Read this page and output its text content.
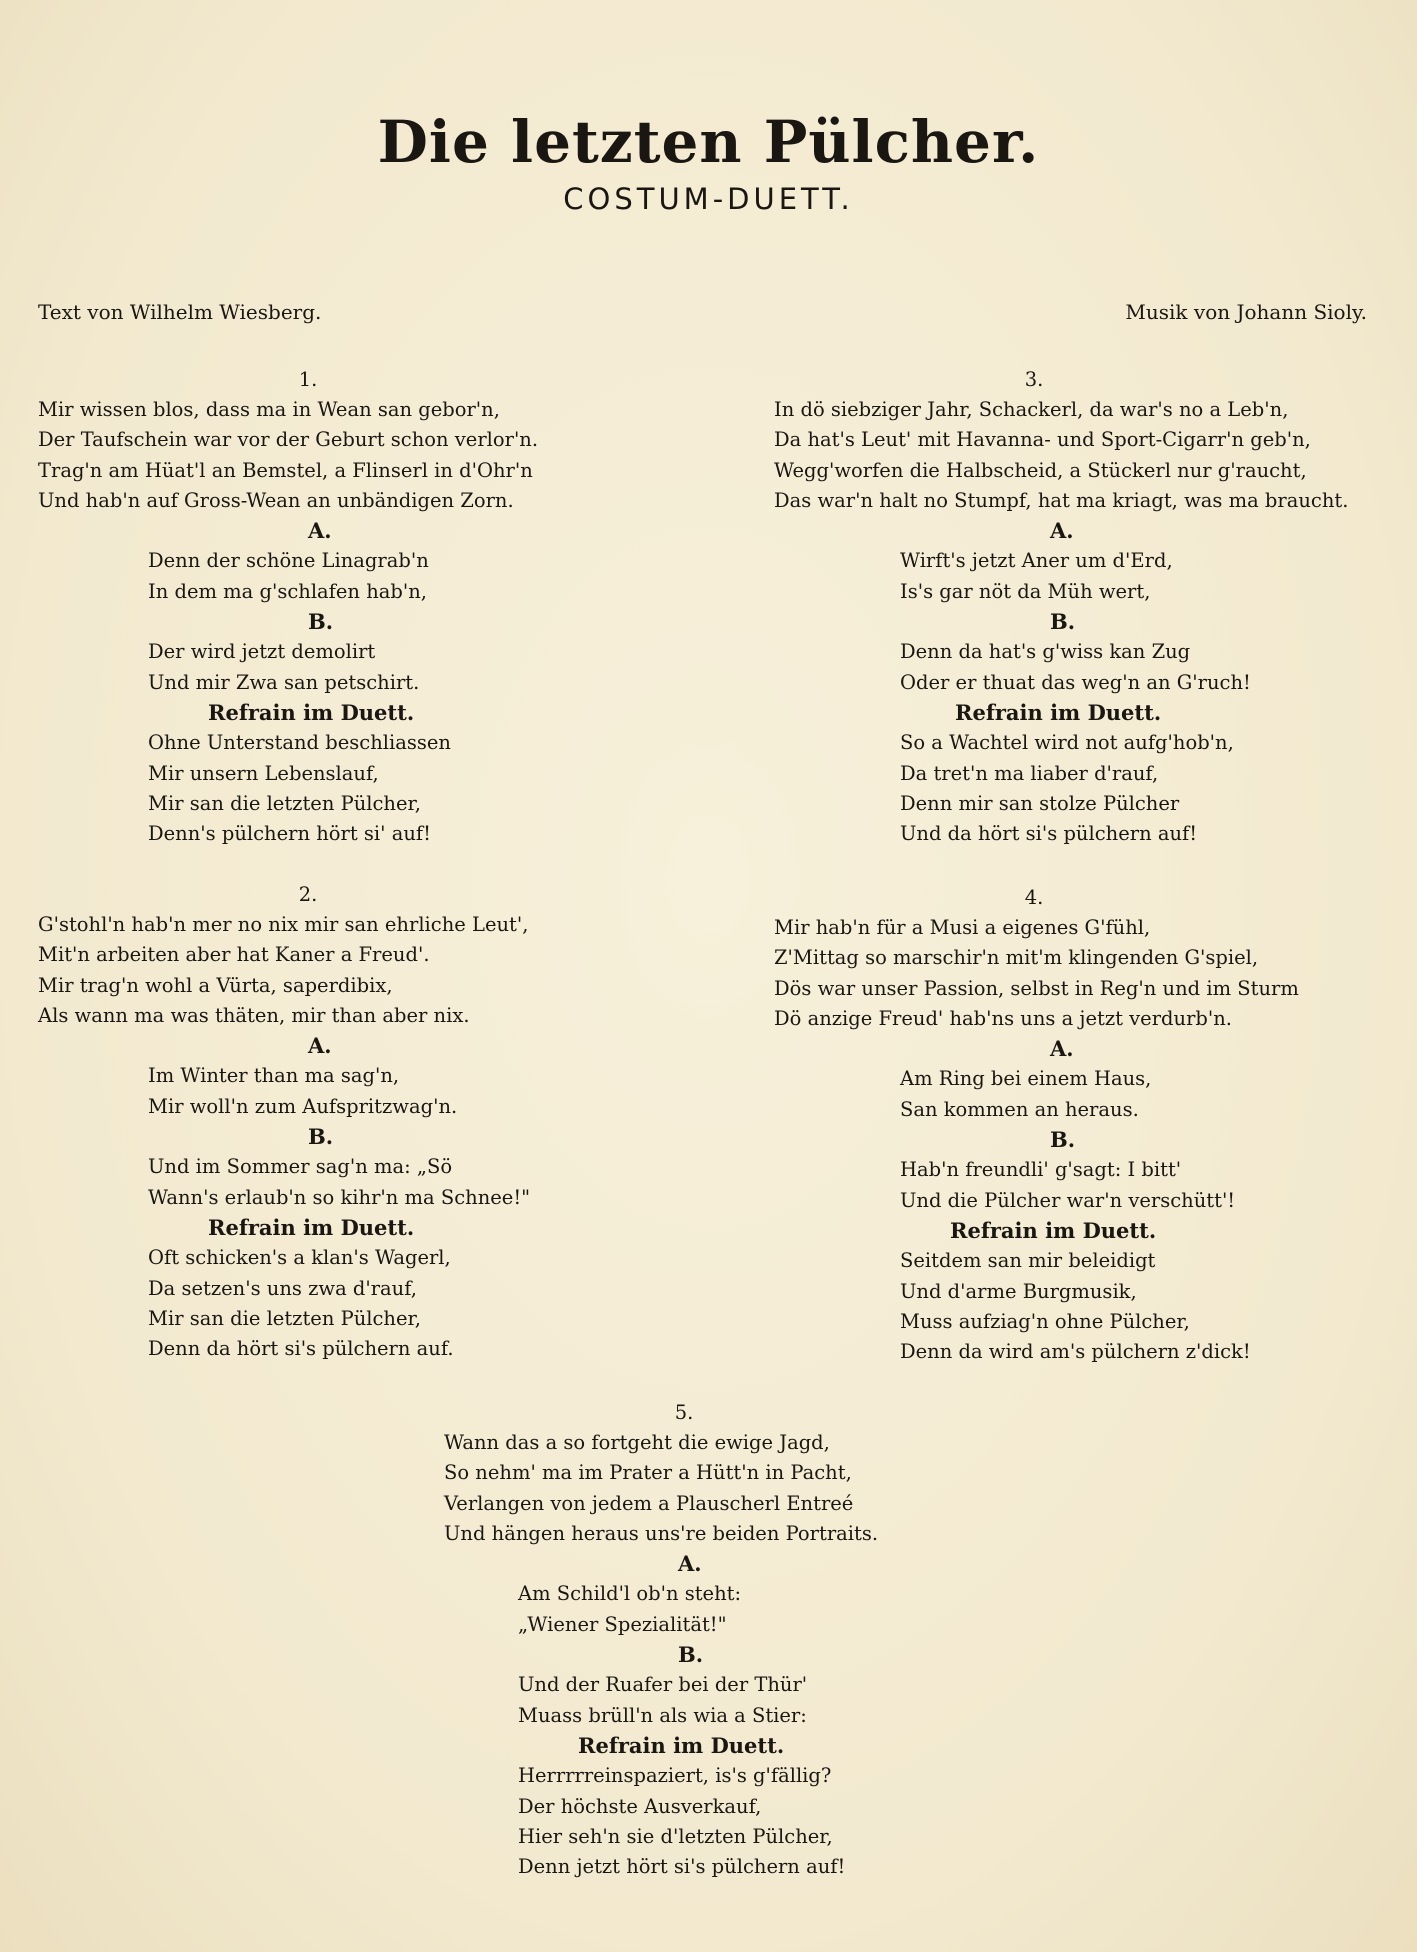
Die letzten Pülcher.
COSTUM-DUETT.
Text von Wilhelm Wiesberg.	Musik von Johann Sioly.
1.
Mir wissen blos, dass ma in Wean san gebor'n,
Der Taufschein war vor der Geburt schon verlor'n.
Trag'n am Hüat'l an Bemstel, a Flinserl in d'Ohr'n
Und hab'n auf Gross-Wean an unbändigen Zorn.
A.
Denn der schöne Linagrab'n
In dem ma g'schlafen hab'n,
B.
Der wird jetzt demolirt
Und mir Zwa san petschirt.
Refrain im Duett.
Ohne Unterstand beschliassen
Mir unsern Lebenslauf,
Mir san die letzten Pülcher,
Denn's pülchern hört si' auf!
2.
G'stohl'n hab'n mer no nix mir san ehrliche Leut',
Mit'n arbeiten aber hat Kaner a Freud'.
Mir trag'n wohl a Vürta, saperdibix,
Als wann ma was thäten, mir than aber nix.
A.
Im Winter than ma sag'n,
Mir woll'n zum Aufspritzwag'n.
B.
Und im Sommer sag'n ma: „Sö
Wann's erlaub'n so kihr'n ma Schnee!"
Refrain im Duett.
Oft schicken's a klan's Wagerl,
Da setzen's uns zwa d'rauf,
Mir san die letzten Pülcher,
Denn da hört si's pülchern auf.
3.
In dö siebziger Jahr, Schackerl, da war's no a Leb'n,
Da hat's Leut' mit Havanna- und Sport-Cigarr'n geb'n,
Wegg'worfen die Halbscheid, a Stückerl nur g'raucht,
Das war'n halt no Stumpf, hat ma kriagt, was ma braucht.
A.
Wirft's jetzt Aner um d'Erd,
Is's gar nöt da Müh wert,
B.
Denn da hat's g'wiss kan Zug
Oder er thuat das weg'n an G'ruch!
Refrain im Duett.
So a Wachtel wird not aufg'hob'n,
Da tret'n ma liaber d'rauf,
Denn mir san stolze Pülcher
Und da hört si's pülchern auf!
4.
Mir hab'n für a Musi a eigenes G'fühl,
Z'Mittag so marschir'n mit'm klingenden G'spiel,
Dös war unser Passion, selbst in Reg'n und im Sturm
Dö anzige Freud' hab'ns uns a jetzt verdurb'n.
A.
Am Ring bei einem Haus,
San kommen an heraus.
B.
Hab'n freundli' g'sagt: I bitt'
Und die Pülcher war'n verschütt'!
Refrain im Duett.
Seitdem san mir beleidigt
Und d'arme Burgmusik,
Muss aufziag'n ohne Pülcher,
Denn da wird am's pülchern z'dick!
5.
Wann das a so fortgeht die ewige Jagd,
So nehm' ma im Prater a Hütt'n in Pacht,
Verlangen von jedem a Plauscherl Entreé
Und hängen heraus uns're beiden Portraits.
A.
Am Schild'l ob'n steht:
„Wiener Spezialität!"
B.
Und der Ruafer bei der Thür'
Muass brüll'n als wia a Stier:
Refrain im Duett.
Herrrrreinspaziert, is's g'fällig?
Der höchste Ausverkauf,
Hier seh'n sie d'letzten Pülcher,
Denn jetzt hört si's pülchern auf!
